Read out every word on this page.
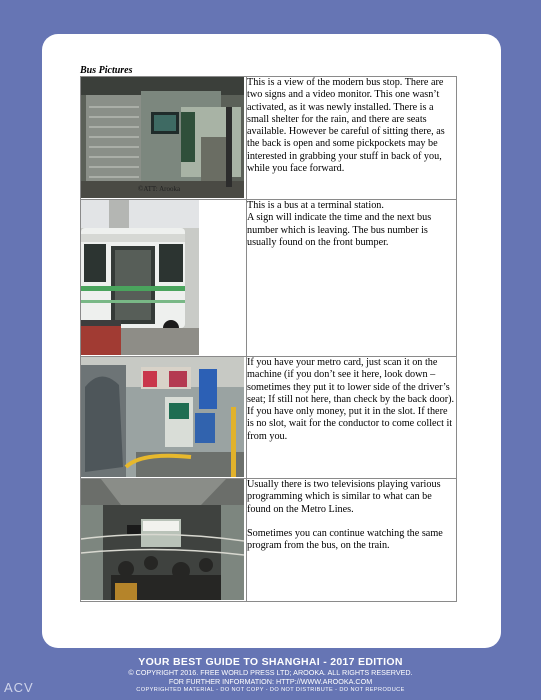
Bus Pictures

This is a view of the modern bus stop. There are two signs and a video monitor. This one wasn’t activated, as it was newly installed. There is a small shelter for the rain, and there are seats available. However be careful of sitting there, as the back is open and some pickpockets may be interested in grabbing your stuff in back of you, while you face forward.

This is a bus at a terminal station.

A sign will indicate the time and the next bus number which is leaving. The bus number is usually found on the front bumper.

If you have your metro card, just scan it on the machine (if you don’t see it here, look down – sometimes they put it to lower side of the driver’s seat; If still not here, than check by the back door).

If you have only money, put it in the slot. If there is no slot, wait for the conductor to come collect it from you.

Usually there is two televisions playing various programming which is similar to what can be found on the Metro Lines.

Sometimes you can continue watching the same program from the bus, on the train.

©ATT: Arooka
YOUR BEST GUIDE TO SHANGHAI - 2017 EDITION
© COPYRIGHT 2016. FREE WORLD PRESS LTD; AROOKA. ALL RIGHTS RESERVED.
FOR FURTHER INFORMATION: HTTP://WWW.AROOKA.COM
COPYRIGHTED MATERIAL - DO NOT COPY - DO NOT DISTRIBUTE - DO NOT REPRODUCE
ACV
